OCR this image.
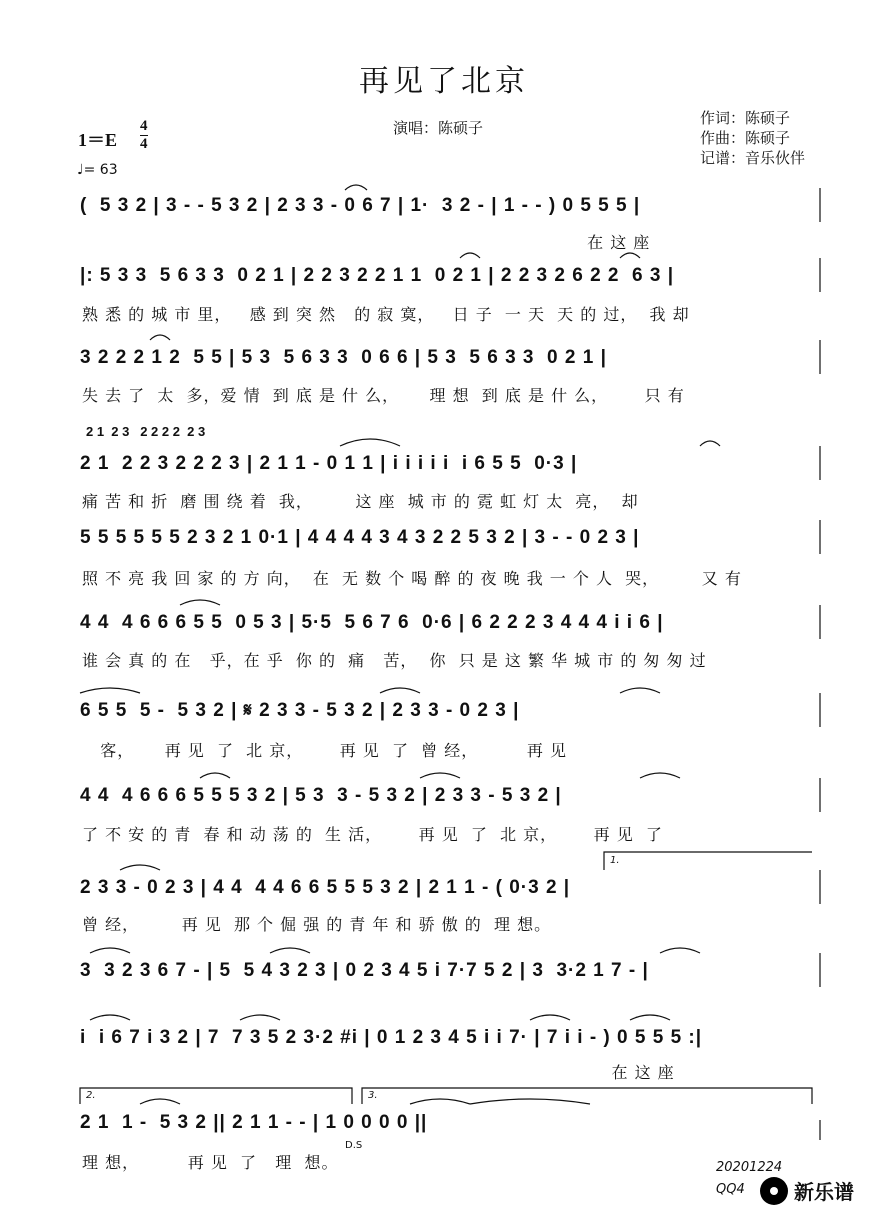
再见了北京
演唱：陈硕子
作词：陈硕子
作曲：陈硕子
记谱：音乐伙伴
1＝E
4
4
♩= 63
(  5 3 2 | 3 - - 5 3 2 | 2 3 3 - 0 6 7 | 1·  3 2 - | 1 - - ) 0 5 5 5 |
在 这 座
|: 5 3 3  5 6 3 3  0 2 1 | 2 2 3 2 2 1 1  0 2 1 | 2 2 3 2 6 2 2  6 3 |
熟 悉 的 城 市 里，   感 到 突 然   的 寂 寞，   日 子  一 天  天 的 过，  我 却
3 2 2 2 1 2  5 5 | 5 3  5 6 3 3  0 6 6 | 5 3  5 6 3 3  0 2 1 |
失 去 了  太  多，爱 情  到 底 是 什 么，     理 想  到 底 是 什 么，      只 有
2 1  2 3   2 2 2 2  2 3
2 1  2 2 3 2 2 2 3 | 2 1 1 - 0 1 1 | i i i i i  i 6 5 5  0·3 |
痛 苦 和 折  磨 围 绕 着  我，       这 座  城 市 的 霓 虹 灯 太  亮，  却
5 5 5 5 5 5 2 3 2 1 0·1 | 4 4 4 4 3 4 3 2 2 5 3 2 | 3 - - 0 2 3 |
照 不 亮 我 回 家 的 方 向，  在  无 数 个 喝 醉 的 夜 晚 我 一 个 人  哭，       又 有
4 4  4 6 6 6 5 5  0 5 3 | 5·5  5 6 7 6  0·6 | 6 2 2 2 3 4 4 4 i i 6 |
谁 会 真 的 在   乎，在 乎  你 的  痛   苦，  你  只 是 这 繁 华 城 市 的 匆 匆 过
6 5 5  5 -  5 3 2 | 𝄋 2 3 3 - 5 3 2 | 2 3 3 - 0 2 3 |
客，     再 见  了  北 京，      再 见  了  曾 经，        再 见
4 4  4 6 6 6 5 5 5 3 2 | 5 3  3 - 5 3 2 | 2 3 3 - 5 3 2 |
了 不 安 的 青  春 和 动 荡 的  生 活，      再 见  了  北 京，      再 见  了
2 3 3 - 0 2 3 | 4 4  4 4 6 6 5 5 5 3 2 | 2 1 1 - ( 0·3 2 |
曾 经，       再 见  那 个 倔 强 的 青 年 和 骄 傲 的  理 想。
3  3 2 3 6 7 - | 5  5 4 3 2 3 | 0 2 3 4 5 i 7·7 5 2 | 3  3·2 1 7 - |
i  i 6 7 i 3 2 | 7  7 3 5 2 3·2 #i | 0 1 2 3 4 5 i i 7· | 7 i i - ) 0 5 5 5 :|
在 这 座
2 1  1 -  5 3 2 || 2 1 1 - - | 1 0 0 0 0 ||
理 想，        再 见  了   理  想。
1.
2.	3.
D.S
20201224
QQ4 新乐谱
